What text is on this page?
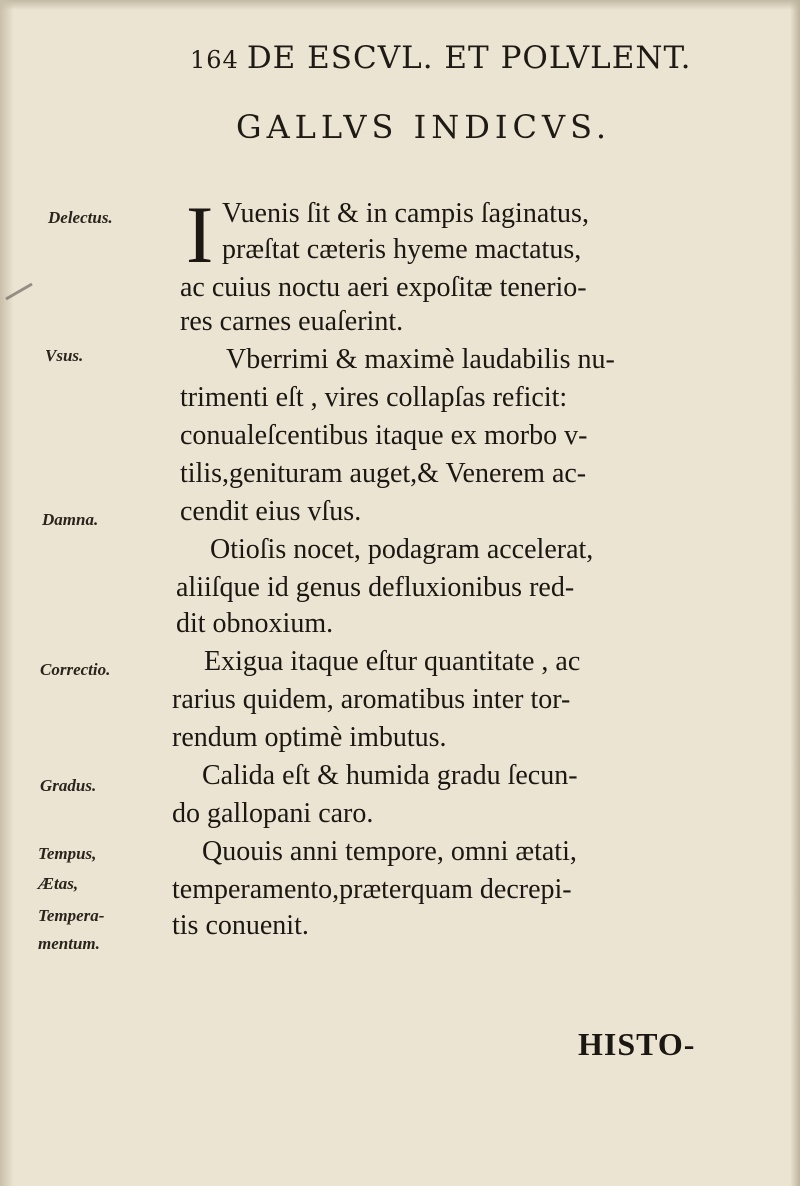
164 DE ESCVL. ET POLVLENT.
GALLVS INDICVS.
Delectus.
Vsus.
Damna.
Correctio.
Gradus.
Tempus,
Ætas,
Tempera-
mentum.
I Vuenis ſit & in campis ſaginatus,
præſtat cæteris hyeme mactatus,
ac cuius noctu aeri expoſitæ tenerio-
res carnes euaſerint.
Vberrimi & maximè laudabilis nu-
trimenti eſt , vires collapſas reficit:
conualeſcentibus itaque ex morbo v-
tilis,genituram auget,& Venerem ac-
cendit eius vſus.
Otioſis nocet, podagram accelerat,
aliiſque id genus defluxionibus red-
dit obnoxium.
Exigua itaque eſtur quantitate , ac
rarius quidem, aromatibus inter tor-
rendum optimè imbutus.
Calida eſt & humida gradu ſecun-
do gallopani caro.
Quouis anni tempore, omni ætati,
temperamento,præterquam decrepi-
tis conuenit.
HISTO-
